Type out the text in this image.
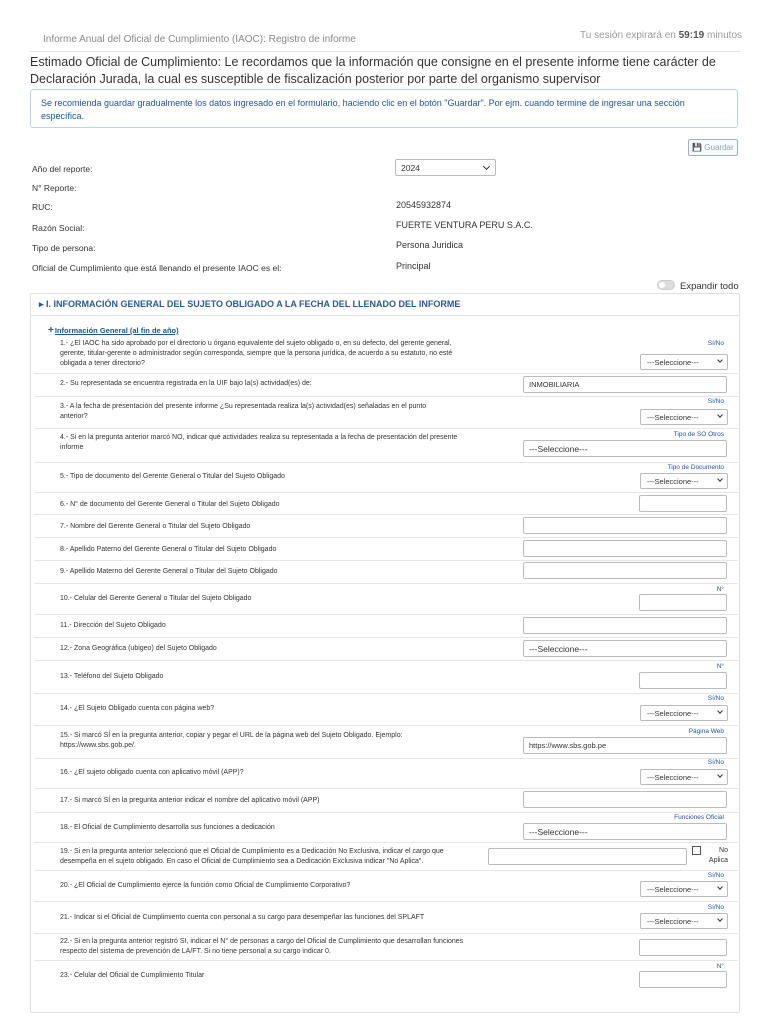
Informe Anual del Oficial de Cumplimiento (IAOC): Registro de informe	Tu sesión expirará en 59:19 minutos
Estimado Oficial de Cumplimiento: Le recordamos que la información que consigne en el presente informe tiene carácter de Declaración Jurada, la cual es susceptible de fiscalización posterior por parte del organismo supervisor
Se recomienda guardar gradualmente los datos ingresado en el formulario, haciendo clic en el botón "Guardar". Por ejm. cuando termine de ingresar una sección específica.
💾 Guardar
Año del reporte:	2024
N° Reporte:
RUC:	20545932874
Razón Social:	FUERTE VENTURA PERU S.A.C.
Tipo de persona:	Persona Juridica
Oficial de Cumplimiento que está llenando el presente IAOC es el:	Principal
Expandir todo
▸ I. INFORMACIÓN GENERAL DEL SUJETO OBLIGADO A LA FECHA DEL LLENADO DEL INFORME
+Información General (al fin de año)
1.- ¿El IAOC ha sido aprobado por el directorio u órgano equivalente del sujeto obligado o, en su defecto, del gerente general, gerente, titular-gerente o administrador según corresponda, siempre que la persona jurídica, de acuerdo a su estatuto, no esté obligada a tener directorio?
Sí/No
---Seleccione---
2.- Su representada se encuentra registrada en la UIF bajo la(s) actividad(es) de:	INMOBILIARIA
3.- A la fecha de presentación del presente informe ¿Su representada realiza la(s) actividad(es) señaladas en el punto anterior?
Sí/No
---Seleccione---
4.- Si en la pregunta anterior marcó NO, indicar qué actividades realiza su representada a la fecha de presentación del presente informe
Tipo de SO Otros
---Seleccione---
5.- Tipo de documento del Gerente General o Titular del Sujeto Obligado
Tipo de Documento
---Seleccione---
6.- N° de documento del Gerente General o Titular del Sujeto Obligado
7.- Nombre del Gerente General o Titular del Sujeto Obligado
8.- Apellido Paterno del Gerente General o Titular del Sujeto Obligado
9.- Apellido Materno del Gerente General o Titular del Sujeto Obligado
10.- Celular del Gerente General o Titular del Sujeto Obligado
N°
11.- Dirección del Sujeto Obligado
12.- Zona Geográfica (ubigeo) del Sujeto Obligado	---Seleccione---
13.- Teléfono del Sujeto Obligado
N°
14.- ¿El Sujeto Obligado cuenta con página web?
Sí/No
---Seleccione---
15.- Si marcó SÍ en la pregunta anterior, copiar y pegar el URL de la página web del Sujeto Obligado. Ejemplo: https://www.sbs.gob.pe/.
Página Web
https://www.sbs.gob.pe
16.- ¿El sujeto obligado cuenta con aplicativo móvil (APP)?
Sí/No
---Seleccione---
17.- Si marcó SÍ en la pregunta anterior indicar el nombre del aplicativo móvil (APP)
18.- El Oficial de Cumplimiento desarrolla sus funciones a dedicación
Funciones Oficial
---Seleccione---
19.- Si en la pregunta anterior seleccionó que el Oficial de Cumplimiento es a Dedicación No Exclusiva, indicar el cargo que desempeña en el sujeto obligado. En caso el Oficial de Cumplimiento sea a Dedicación Exclusiva indicar "No Aplica".
No Aplica
20.- ¿El Oficial de Cumplimiento ejerce la función como Oficial de Cumplimiento Corporativo?
Sí/No
---Seleccione---
21.- Indicar si el Oficial de Cumplimiento cuenta con personal a su cargo para desempeñar las funciones del SPLAFT
Sí/No
---Seleccione---
22.- Si en la pregunta anterior registró SI, indicar el N° de personas a cargo del Oficial de Cumplimiento que desarrollan funciones respecto del sistema de prevención de LA/FT. Si no tiene personal a su cargo indicar 0.
23.- Celular del Oficial de Cumplimiento Titular
N°
